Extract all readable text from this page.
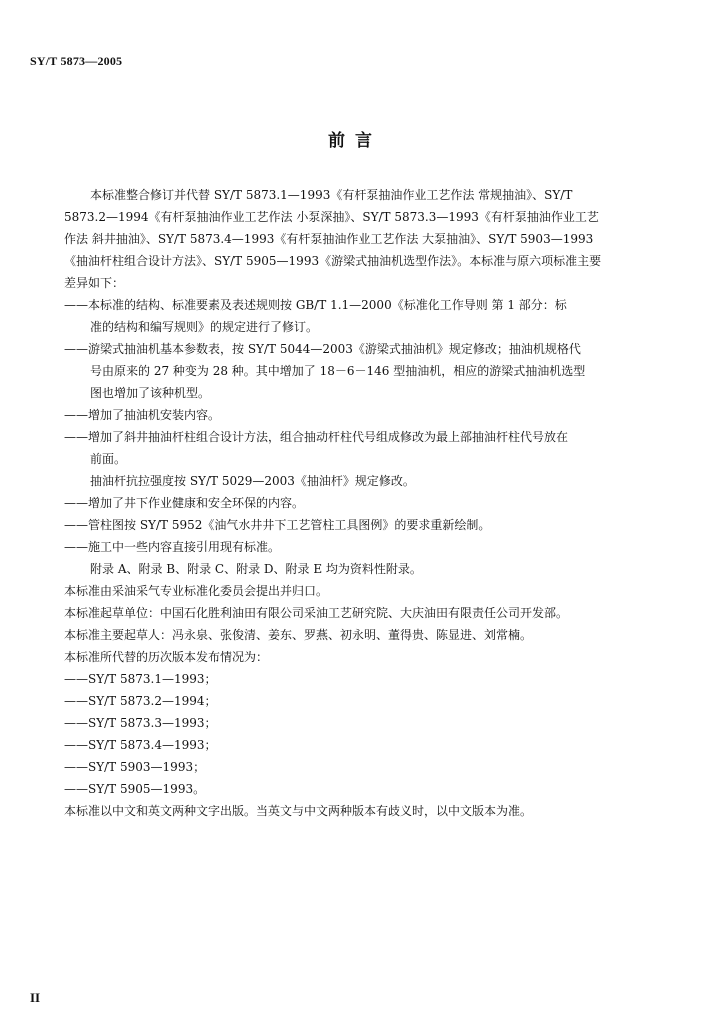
SY/T 5873—2005
前 言
本标准整合修订并代替 SY/T 5873.1—1993《有杆泵抽油作业工艺作法 常规抽油》、SY/T
5873.2—1994《有杆泵抽油作业工艺作法 小泵深抽》、SY/T 5873.3—1993《有杆泵抽油作业工艺
作法 斜井抽油》、SY/T 5873.4—1993《有杆泵抽油作业工艺作法 大泵抽油》、SY/T 5903—1993
《抽油杆柱组合设计方法》、SY/T 5905—1993《游梁式抽油机选型作法》。本标准与原六项标准主要
差异如下：
——本标准的结构、标准要素及表述规则按 GB/T 1.1—2000《标准化工作导则 第 1 部分：标
准的结构和编写规则》的规定进行了修订。
——游梁式抽油机基本参数表，按 SY/T 5044—2003《游梁式抽油机》规定修改；抽油机规格代
号由原来的 27 种变为 28 种。其中增加了 18－6－146 型抽油机，相应的游梁式抽油机选型
图也增加了该种机型。
——增加了抽油机安装内容。
——增加了斜井抽油杆柱组合设计方法，组合抽动杆柱代号组成修改为最上部抽油杆柱代号放在
前面。
抽油杆抗拉强度按 SY/T 5029—2003《抽油杆》规定修改。
——增加了井下作业健康和安全环保的内容。
——管柱图按 SY/T 5952《油气水井井下工艺管柱工具图例》的要求重新绘制。
——施工中一些内容直接引用现有标准。
附录 A、附录 B、附录 C、附录 D、附录 E 均为资料性附录。
本标准由采油采气专业标准化委员会提出并归口。
本标准起草单位：中国石化胜利油田有限公司采油工艺研究院、大庆油田有限责任公司开发部。
本标准主要起草人：冯永泉、张俊清、姜东、罗燕、初永明、董得贵、陈显进、刘常楠。
本标准所代替的历次版本发布情况为：
——SY/T 5873.1—1993；
——SY/T 5873.2—1994；
——SY/T 5873.3—1993；
——SY/T 5873.4—1993；
——SY/T 5903—1993；
——SY/T 5905—1993。
本标准以中文和英文两种文字出版。当英文与中文两种版本有歧义时，以中文版本为准。
II
